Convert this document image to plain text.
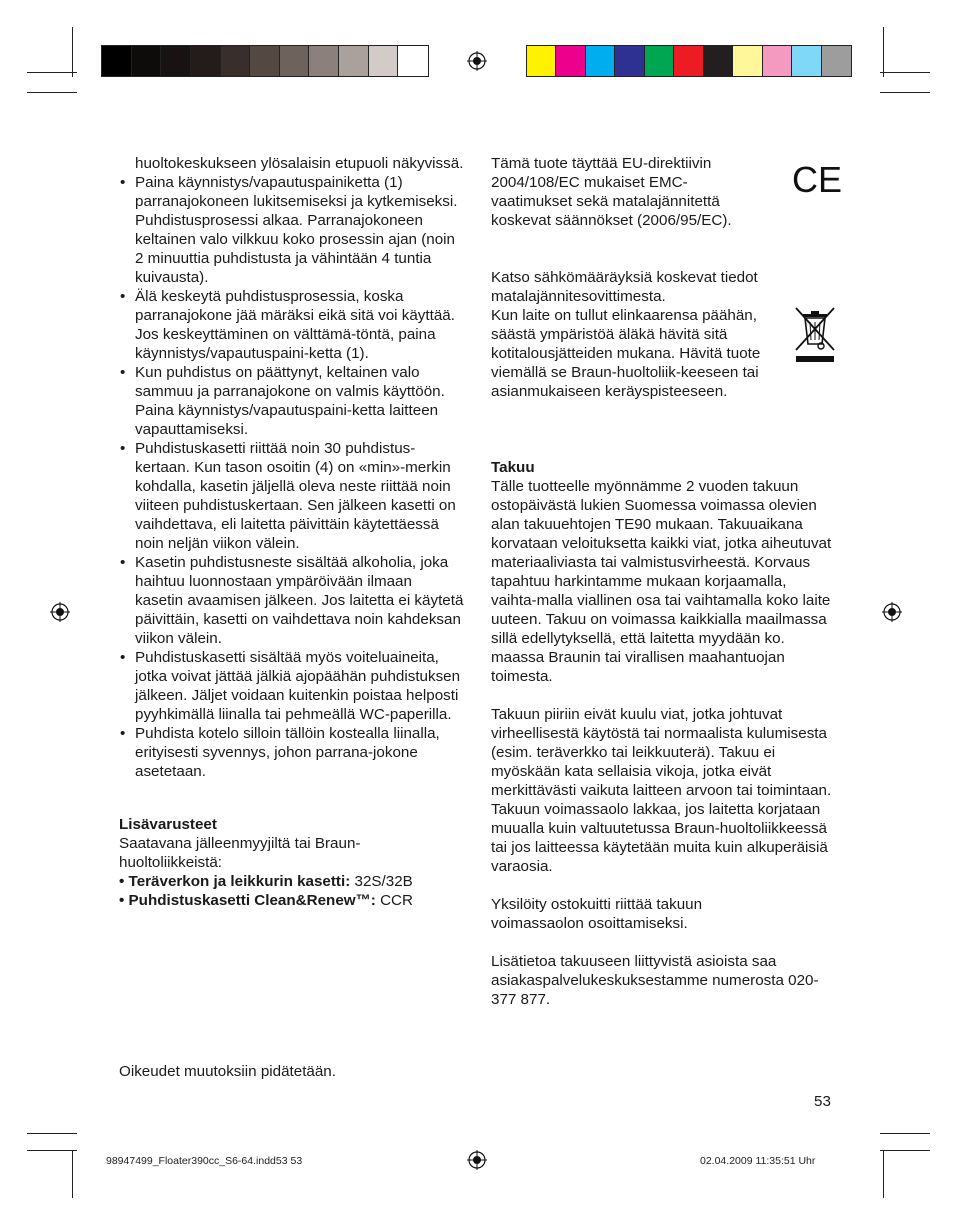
huoltokeskukseen ylösalaisin etupuoli näkyvissä.

• Paina käynnistys/vapautuspainiketta (1) parranajokoneen lukitsemiseksi ja kytkemiseksi. Puhdistusprosessi alkaa. Parranajokoneen keltainen valo vilkkuu koko prosessin ajan (noin 2 minuuttia puhdistusta ja vähintään 4 tuntia kuivausta).
• Älä keskeytä puhdistusprosessia, koska parranajokone jää märäksi eikä sitä voi käyttää. Jos keskeyttäminen on välttämä-töntä, paina käynnistys/vapautuspaini-ketta (1).
• Kun puhdistus on päättynyt, keltainen valo sammuu ja parranajokone on valmis käyttöön. Paina käynnistys/vapautuspaini-ketta laitteen vapauttamiseksi.
• Puhdistuskasetti riittää noin 30 puhdistus-kertaan. Kun tason osoitin (4) on «min»-merkin kohdalla, kasetin jäljellä oleva neste riittää noin viiteen puhdistuskertaan. Sen jälkeen kasetti on vaihdettava, eli laitetta päivittäin käytettäessä noin neljän viikon välein.
• Kasetin puhdistusneste sisältää alkoholia, joka haihtuu luonnostaan ympäröivään ilmaan kasetin avaamisen jälkeen. Jos laitetta ei käytetä päivittäin, kasetti on vaihdettava noin kahdeksan viikon välein.
• Puhdistuskasetti sisältää myös voiteluaineita, jotka voivat jättää jälkiä ajopäähän puhdistuksen jälkeen. Jäljet voidaan kuitenkin poistaa helposti pyyhkimällä liinalla tai pehmeällä WC-paperilla.
• Puhdista kotelo silloin tällöin kostealla liinalla, erityisesti syvennys, johon parrana-jokone asetetaan.

Lisävarusteet

Saatavana jälleenmyyjiltä tai Braun-huoltoliikkeistä:

• Teräverkon ja leikkurin kasetti: 32S/32B

• Puhdistuskasetti Clean&Renew™: CCR

Oikeudet muutoksiin pidätetään.

Tämä tuote täyttää EU-direktiivin 2004/108/EC mukaiset EMC-vaatimukset sekä matalajännitettä koskevat säännökset (2006/95/EC).

Katso sähkömääräyksiä koskevat tiedot matalajännitesovittimesta.

Kun laite on tullut elinkaarensa päähän, säästä ympäristöä äläkä hävitä sitä kotitalousjätteiden mukana. Hävitä tuote viemällä se Braun-huoltoliik-keeseen tai asianmukaiseen keräyspisteeseen.

Takuu

Tälle tuotteelle myönnämme 2 vuoden takuun ostopäivästä lukien Suomessa voimassa olevien alan takuuehtojen TE90 mukaan. Takuuaikana korvataan veloituksetta kaikki viat, jotka aiheutuvat materiaaliviasta tai valmistusvirheestä. Korvaus tapahtuu harkintamme mukaan korjaamalla, vaihta-malla viallinen osa tai vaihtamalla koko laite uuteen. Takuu on voimassa kaikkialla maailmassa sillä edellytyksellä, että laitetta myydään ko. maassa Braunin tai virallisen maahantuojan toimesta.

Takuun piiriin eivät kuulu viat, jotka johtuvat virheellisestä käytöstä tai normaalista kulumisesta (esim. teräverkko tai leikkuuterä). Takuu ei myöskään kata sellaisia vikoja, jotka eivät merkittävästi vaikuta laitteen arvoon tai toimintaan. Takuun voimassaolo lakkaa, jos laitetta korjataan muualla kuin valtuutetussa Braun-huoltoliikkeessä tai jos laitteessa käytetään muita kuin alkuperäisiä varaosia.

Yksilöity ostokuitti riittää takuun voimassaolon osoittamiseksi.

Lisätietoa takuuseen liittyvistä asioista saa asiakaspalvelukeskuksestamme numerosta 020-377 877.

CE

53

98947499_Floater390cc_S6-64.indd53 53	02.04.2009 11:35:51 Uhr
